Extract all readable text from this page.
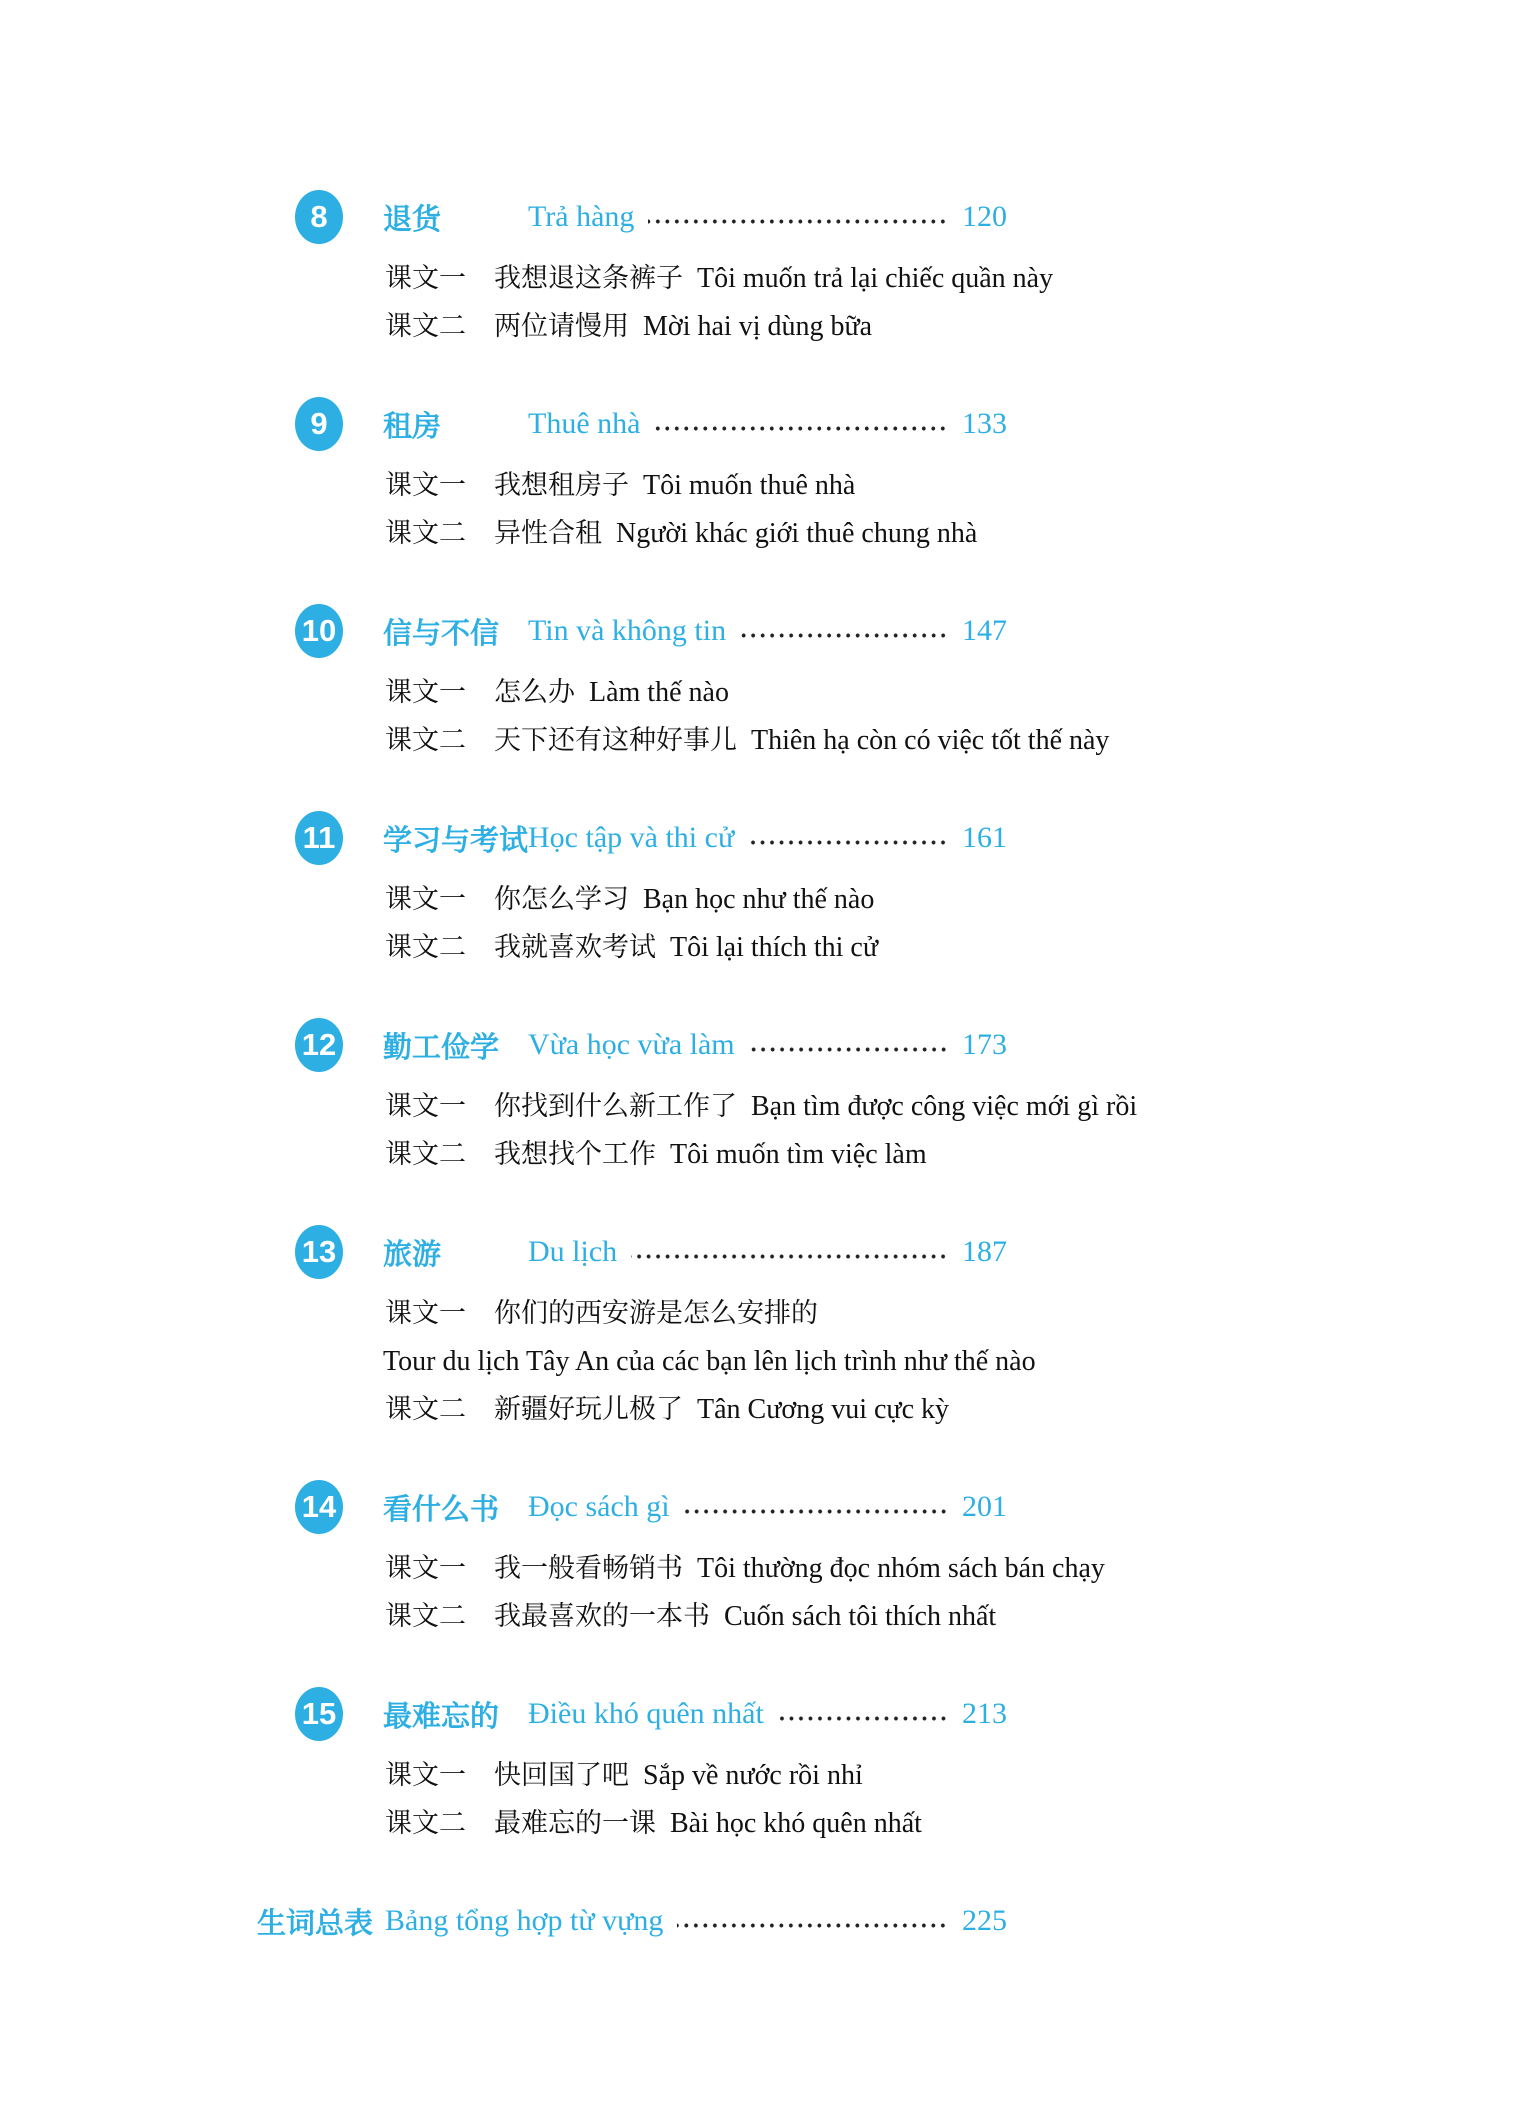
8	退货	Trả hàng	120
课文一 我想退这条裤子 Tôi muốn trả lại chiếc quần này
课文二 两位请慢用 Mời hai vị dùng bữa
9	租房	Thuê nhà	133
课文一 我想租房子 Tôi muốn thuê nhà
课文二 异性合租 Người khác giới thuê chung nhà
10 信与不信 Tin và không tin	147
课文一 怎么办 Làm thế nào
课文二 天下还有这种好事儿 Thiên hạ còn có việc tốt thế này
11 学习与考试 Học tập và thi cử	161
课文一 你怎么学习 Bạn học như thế nào
课文二 我就喜欢考试 Tôi lại thích thi cử
12 勤工俭学 Vừa học vừa làm	173
课文一 你找到什么新工作了 Bạn tìm được công việc mới gì rồi
课文二 我想找个工作 Tôi muốn tìm việc làm
13 旅游	Du lịch	187
课文一 你们的西安游是怎么安排的
Tour du lịch Tây An của các bạn lên lịch trình như thế nào
课文二 新疆好玩儿极了 Tân Cương vui cực kỳ
14 看什么书 Đọc sách gì	201
课文一 我一般看畅销书 Tôi thường đọc nhóm sách bán chạy
课文二 我最喜欢的一本书 Cuốn sách tôi thích nhất
15 最难忘的 Điều khó quên nhất	213
课文一 快回国了吧 Sắp về nước rồi nhỉ
课文二 最难忘的一课 Bài học khó quên nhất
生词总表 Bảng tổng hợp từ vựng	225
